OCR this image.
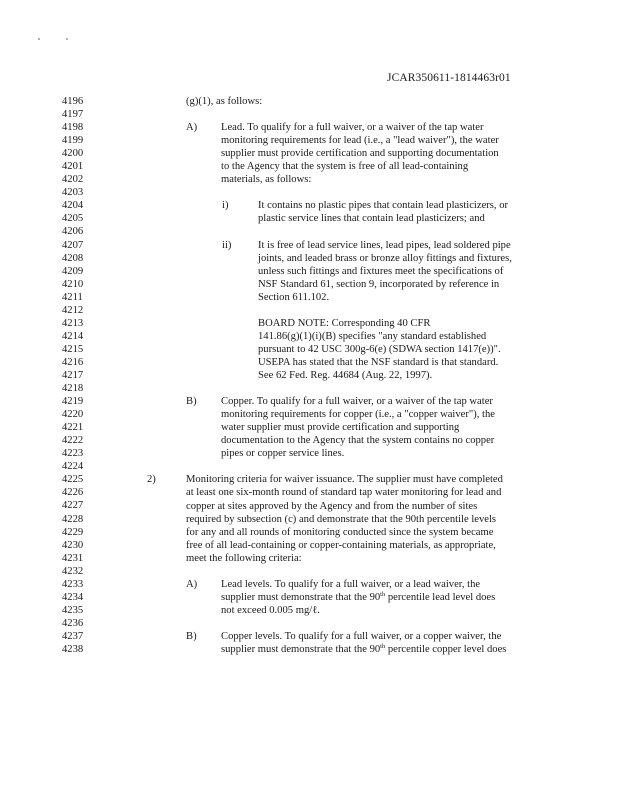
JCAR350611-1814463r01
4196
4197
4198
4199
4200
4201
4202
4203
4204
4205
4206
4207
4208
4209
4210
4211
4212
4213
4214
4215
4216
4217
4218
4219
4220
4221
4222
4223
4224
4225
4226
4227
4228
4229
4230
4231
4232
4233
4234
4235
4236
4237
4238
(g)(1), as follows:
A) Lead. To qualify for a full waiver, or a waiver of the tap water
monitoring requirements for lead (i.e., a "lead waiver"), the water
supplier must provide certification and supporting documentation
to the Agency that the system is free of all lead-containing
materials, as follows:
i)	It contains no plastic pipes that contain lead plasticizers, or
plastic service lines that contain lead plasticizers; and
ii)	It is free of lead service lines, lead pipes, lead soldered pipe
joints, and leaded brass or bronze alloy fittings and fixtures,
unless such fittings and fixtures meet the specifications of
NSF Standard 61, section 9, incorporated by reference in
Section 611.102.
BOARD NOTE: Corresponding 40 CFR
141.86(g)(1)(i)(B) specifies "any standard established
pursuant to 42 USC 300g-6(e) (SDWA section 1417(e))".
USEPA has stated that the NSF standard is that standard.
See 62 Fed. Reg. 44684 (Aug. 22, 1997).
B) Copper. To qualify for a full waiver, or a waiver of the tap water
monitoring requirements for copper (i.e., a "copper waiver"), the
water supplier must provide certification and supporting
documentation to the Agency that the system contains no copper
pipes or copper service lines.
2)	Monitoring criteria for waiver issuance. The supplier must have completed
at least one six-month round of standard tap water monitoring for lead and
copper at sites approved by the Agency and from the number of sites
required by subsection (c) and demonstrate that the 90th percentile levels
for any and all rounds of monitoring conducted since the system became
free of all lead-containing or copper-containing materials, as appropriate,
meet the following criteria:
A) Lead levels. To qualify for a full waiver, or a lead waiver, the
supplier must demonstrate that the 90th percentile lead level does
not exceed 0.005 mg/ℓ.
B) Copper levels. To qualify for a full waiver, or a copper waiver, the
supplier must demonstrate that the 90th percentile copper level does
